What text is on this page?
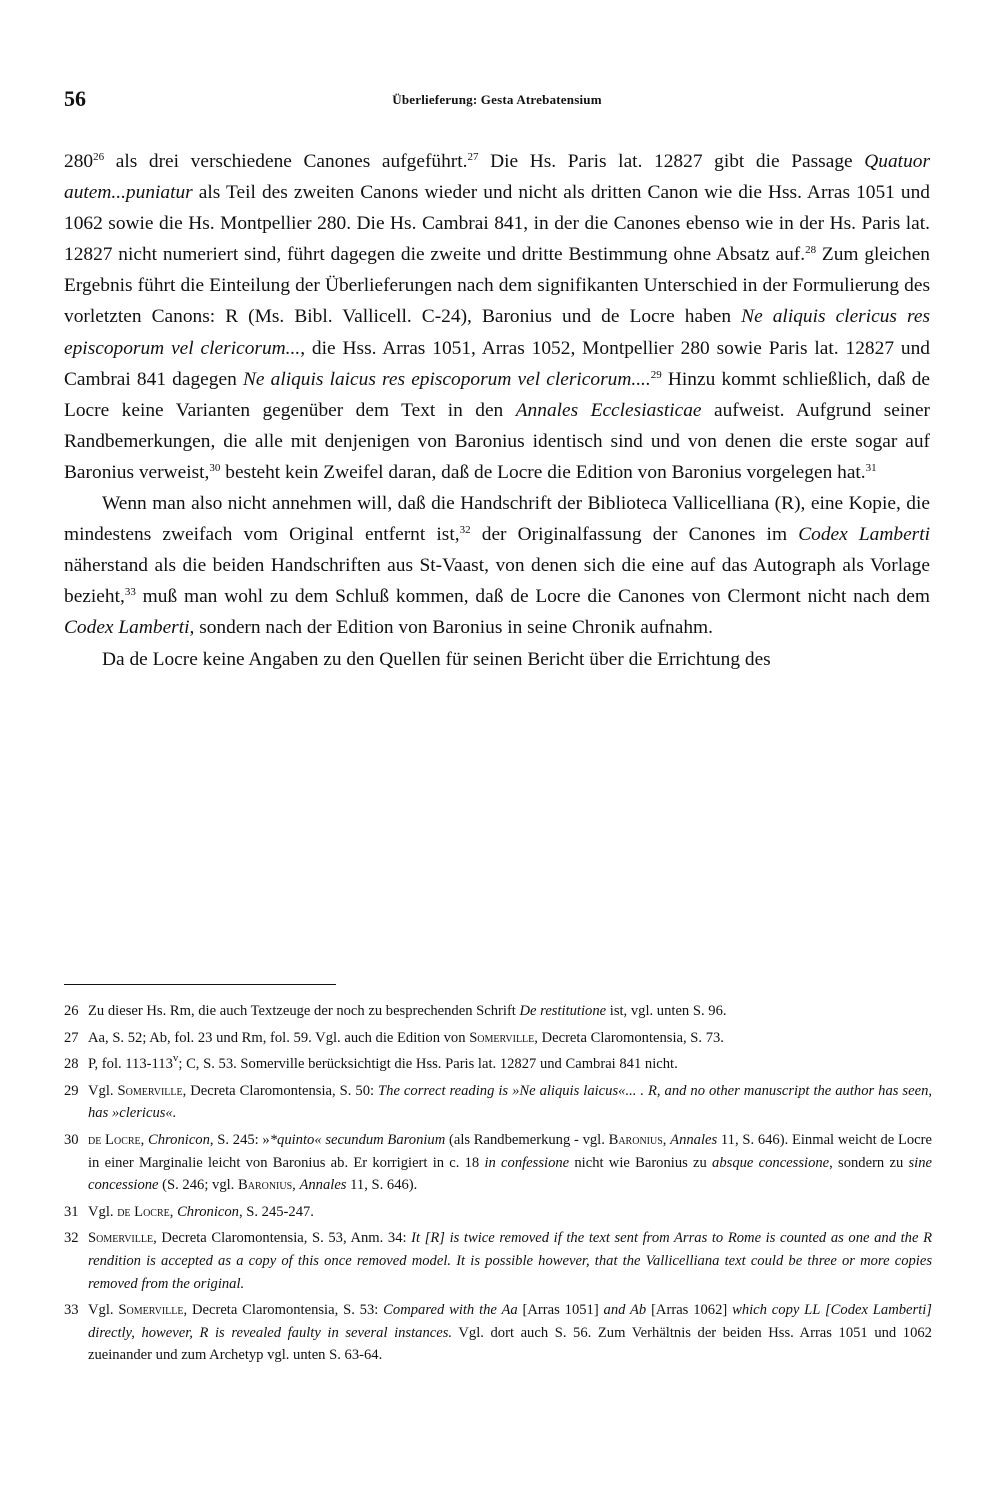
56	Überlieferung: Gesta Atrebatensium

$280^{26}$ als drei verschiedene Canones aufgeführt.$^{27}$ Die Hs. Paris lat. 12827 gibt die Passage Quatuor autem...puniatur als Teil des zweiten Canons wieder und nicht als dritten Canon wie die Hss. Arras 1051 und 1062 sowie die Hs. Montpellier 280. Die Hs. Cambrai 841, in der die Canones ebenso wie in der Hs. Paris lat. 12827 nicht numeriert sind, führt dagegen die zweite und dritte Bestimmung ohne Absatz auf.$^{28}$ Zum gleichen Ergebnis führt die Einteilung der Überlieferungen nach dem signifikanten Unterschied in der Formulierung des vorletzten Canons: R (Ms. Bibl. Vallicell. C-24), Baronius und de Locre haben Ne aliquis clericus res episcoporum vel clericorum..., die Hss. Arras 1051, Arras 1052, Montpellier 280 sowie Paris lat. 12827 und Cambrai 841 dagegen Ne aliquis laicus res episcoporum vel clericorum....$^{29}$ Hinzu kommt schließlich, daß de Locre keine Varianten gegenüber dem Text in den Annales Ecclesiasticae aufweist. Aufgrund seiner Randbemerkungen, die alle mit denjenigen von Baronius identisch sind und von denen die erste sogar auf Baronius verweist,$^{30}$ besteht kein Zweifel daran, daß de Locre die Edition von Baronius vorgelegen hat.$^{31}$

Wenn man also nicht annehmen will, daß die Handschrift der Biblioteca Vallicelliana (R), eine Kopie, die mindestens zweifach vom Original entfernt ist,$^{32}$ der Originalfassung der Canones im Codex Lamberti näherstand als die beiden Handschriften aus St-Vaast, von denen sich die eine auf das Autograph als Vorlage bezieht,$^{33}$ muß man wohl zu dem Schluß kommen, daß de Locre die Canones von Clermont nicht nach dem Codex Lamberti, sondern nach der Edition von Baronius in seine Chronik aufnahm.

Da de Locre keine Angaben zu den Quellen für seinen Bericht über die Errichtung des

26 Zu dieser Hs. Rm, die auch Textzeuge der noch zu besprechenden Schrift De restitutione ist, vgl. unten S. 96.
27 Aa, S. 52; Ab, fol. 23 und Rm, fol. 59. Vgl. auch die Edition von Somerville, Decreta Claromontensia, S. 73.
28 P, fol. 113-113$^v$; C, S. 53. Somerville berücksichtigt die Hss. Paris lat. 12827 und Cambrai 841 nicht.
29 Vgl. Somerville, Decreta Claromontensia, S. 50: The correct reading is »Ne aliquis laicus«... . R, and no other manuscript the author has seen, has »clericus«.
30 de Locre, Chronicon, S. 245: »*quinto« secundum Baronium (als Randbemerkung - vgl. Baronius, Annales 11, S. 646). Einmal weicht de Locre in einer Marginalie leicht von Baronius ab. Er korrigiert in c. 18 in confessione nicht wie Baronius zu absque concessione, sondern zu sine concessione (S. 246; vgl. Baronius, Annales 11, S. 646).
31 Vgl. de Locre, Chronicon, S. 245-247.
32 Somerville, Decreta Claromontensia, S. 53, Anm. 34: It [R] is twice removed if the text sent from Arras to Rome is counted as one and the R rendition is accepted as a copy of this once removed model. It is possible however, that the Vallicelliana text could be three or more copies removed from the original.
33 Vgl. Somerville, Decreta Claromontensia, S. 53: Compared with the Aa [Arras 1051] and Ab [Arras 1062] which copy LL [Codex Lamberti] directly, however, R is revealed faulty in several instances. Vgl. dort auch S. 56. Zum Verhältnis der beiden Hss. Arras 1051 und 1062 zueinander und zum Archetyp vgl. unten S. 63-64.
